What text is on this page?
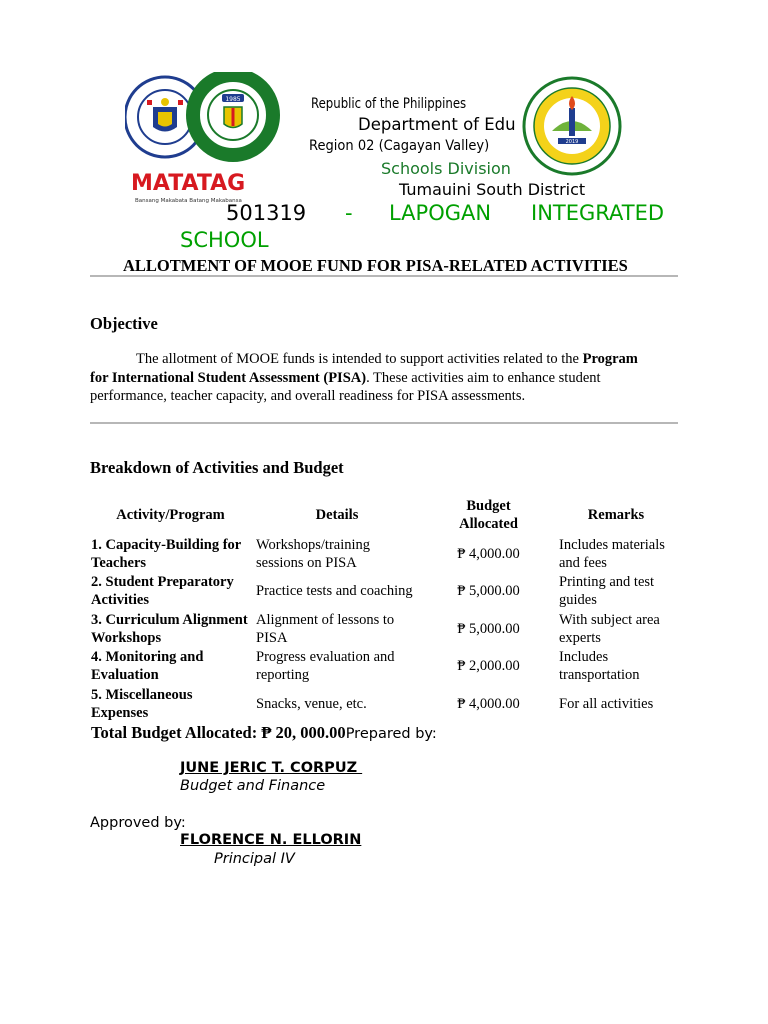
1985
MATATAG
Bansang Makabata Batang Makabansa
2019
Republic of the Philippines
Department of Edu
Region 02 (Cagayan Valley)
Schools Division
Tumauini South District
501319 - LAPOGAN INTEGRATED
SCHOOL
ALLOTMENT OF MOOE FUND FOR PISA-RELATED ACTIVITIES
Objective
The allotment of MOOE funds is intended to support activities related to the Program
for International Student Assessment (PISA). These activities aim to enhance student
performance, teacher capacity, and overall readiness for PISA assessments.
Breakdown of Activities and Budget
Activity/Program	Details	Budget Allocated	Remarks
1. Capacity-Building for Teachers	Workshops/training sessions on PISA	₱ 4,000.00	Includes materials and fees
2. Student Preparatory Activities	Practice tests and coaching	₱ 5,000.00	Printing and test guides
3. Curriculum Alignment Workshops	Alignment of lessons to PISA	₱ 5,000.00	With subject area experts
4. Monitoring and Evaluation	Progress evaluation and reporting	₱ 2,000.00	Includes transportation
5. Miscellaneous Expenses	Snacks, venue, etc.	₱ 4,000.00	For all activities
Total Budget Allocated: ₱ 20, 000.00Prepared by:
JUNE JERIC T. CORPUZ
Budget and Finance
Approved by:
FLORENCE N. ELLORIN
Principal IV
